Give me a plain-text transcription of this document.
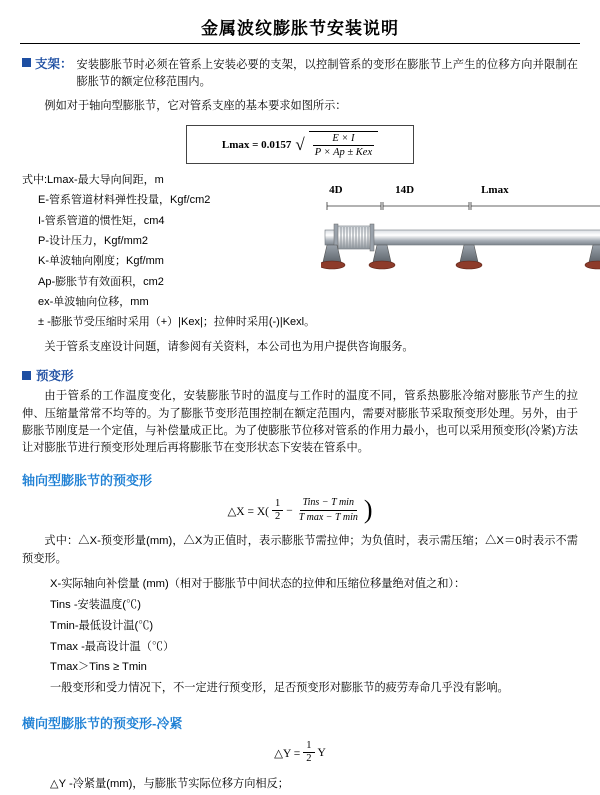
金属波纹膨胀节安装说明
支架： 安装膨胀节时必须在管系上安装必要的支架，以控制管系的变形在膨胀节上产生的位移方向并限制在膨胀节的额定位移范围内。

例如对于轴向型膨胀节，它对管系支座的基本要求如图所示：

Lmax = 0.0157 √ $\frac{E \times I}{\text{P × Ap ± Kex}}$
式中:Lmax-最大导向间距，m
E-管系管道材料弹性投量，Kgf/cm2
I-管系管道的惯性矩，cm4
P-设计压力，Kgf/mm2
K-单波轴向刚度；Kgf/mm
Ap-膨胀节有效面积，cm2
ex-单波轴向位移，mm
± -膨胀节受压缩时采用（+）|Kex|；拉伸时采用(-)|Kexl。
4D	14D	Lmax

关于管系支座设计问题，请参阅有关资料，本公司也为用户提供咨询服务。

预变形

由于管系的工作温度变化，安装膨胀节时的温度与工作时的温度不同，管系热膨胀冷缩对膨胀节产生的拉伸、压缩量常常不均等的。为了膨胀节变形范围控制在额定范围内，需要对膨胀节采取预变形处理。另外，由于膨胀节刚度是一个定值，与补偿量成正比。为了使膨胀节位移对管系的作用力最小，也可以采用预变形(冷紧)方法让对膨胀节进行预变形处理后再将膨胀节在变形状态下安装在管系中。

轴向型膨胀节的预变形
△X = $X( \frac{1}{2} - \frac{\text{Tins − T min}}{\text{T max − T min}}$ )

式中：△X-预变形量(mm)，△X为正值时，表示膨胀节需拉伸；为负值时，表示需压缩；△X＝0时表示不需预变形。

X-实际轴向补偿量 (mm)（相对于膨胀节中间状态的拉伸和压缩位移量绝对值之和）：
Tins -安装温度(℃)
Tmin-最低设计温(℃)
Tmax -最高设计温（℃）
Tmax＞Tins ≥ Tmin
一般变形和受力情况下，不一定进行预变形，足否预变形对膨胀节的疲劳寿命几乎没有影响。
横向型膨胀节的预变形-冷紧
△Y = $\frac{1}{2}$ Y
△Y -冷紧量(mm)，与膨胀节实际位移方向相反；
